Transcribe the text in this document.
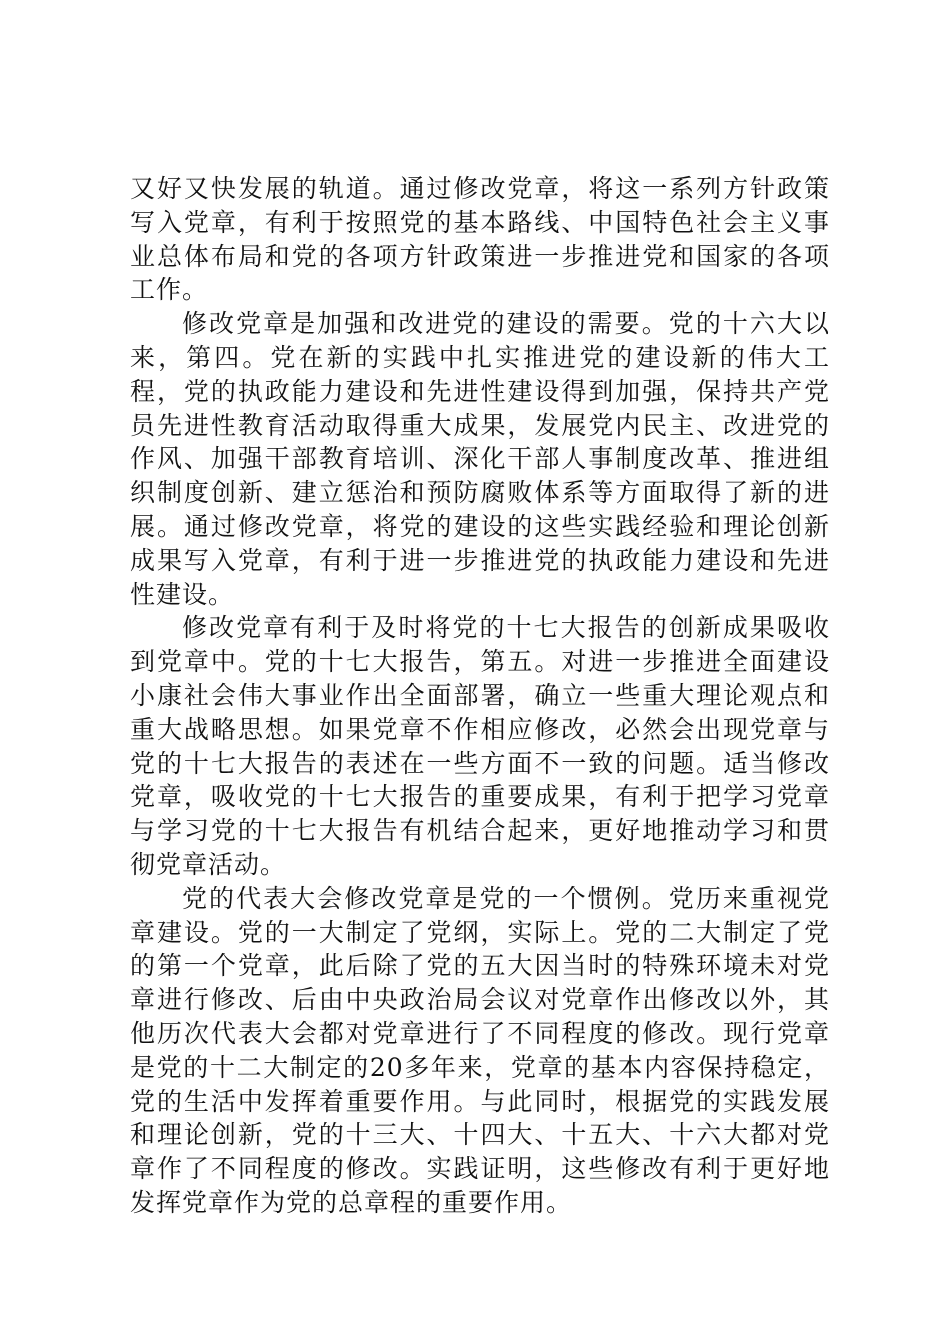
又好又快发展的轨道。通过修改党章，将这一系列方针政策写入党章，有利于按照党的基本路线、中国特色社会主义事业总体布局和党的各项方针政策进一步推进党和国家的各项工作。

修改党章是加强和改进党的建设的需要。党的十六大以来，第四。党在新的实践中扎实推进党的建设新的伟大工程，党的执政能力建设和先进性建设得到加强，保持共产党员先进性教育活动取得重大成果，发展党内民主、改进党的作风、加强干部教育培训、深化干部人事制度改革、推进组织制度创新、建立惩治和预防腐败体系等方面取得了新的进展。通过修改党章，将党的建设的这些实践经验和理论创新成果写入党章，有利于进一步推进党的执政能力建设和先进性建设。

修改党章有利于及时将党的十七大报告的创新成果吸收到党章中。党的十七大报告，第五。对进一步推进全面建设小康社会伟大事业作出全面部署，确立一些重大理论观点和重大战略思想。如果党章不作相应修改，必然会出现党章与党的十七大报告的表述在一些方面不一致的问题。适当修改党章，吸收党的十七大报告的重要成果，有利于把学习党章与学习党的十七大报告有机结合起来，更好地推动学习和贯彻党章活动。

党的代表大会修改党章是党的一个惯例。党历来重视党章建设。党的一大制定了党纲，实际上。党的二大制定了党的第一个党章，此后除了党的五大因当时的特殊环境未对党章进行修改、后由中央政治局会议对党章作出修改以外，其他历次代表大会都对党章进行了不同程度的修改。现行党章是党的十二大制定的20多年来，党章的基本内容保持稳定，党的生活中发挥着重要作用。与此同时，根据党的实践发展和理论创新，党的十三大、十四大、十五大、十六大都对党章作了不同程度的修改。实践证明，这些修改有利于更好地发挥党章作为党的总章程的重要作用。
